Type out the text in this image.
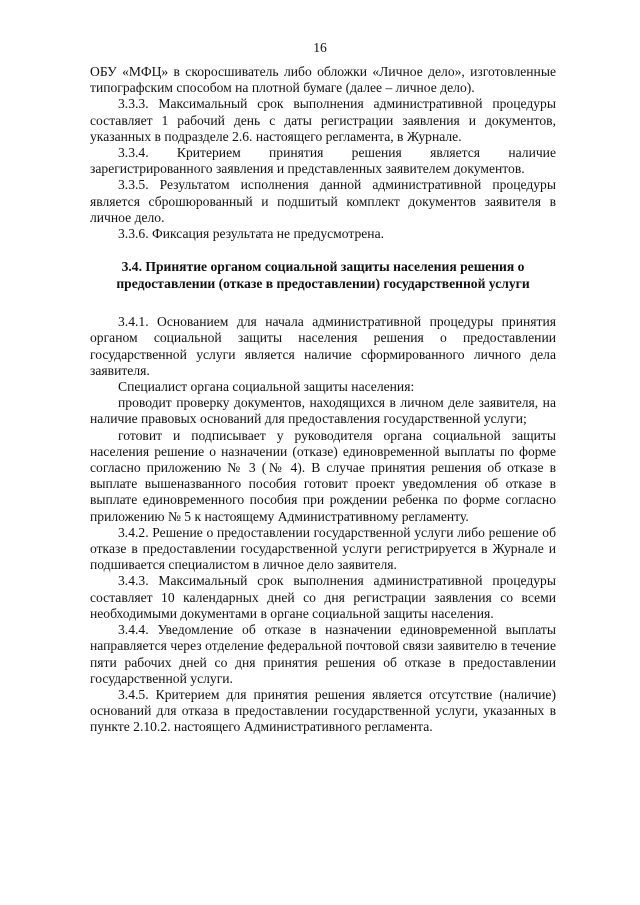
16

ОБУ «МФЦ» в скоросшиватель либо обложки «Личное дело», изготовленные типографским способом на плотной бумаге (далее – личное дело).

3.3.3. Максимальный срок выполнения административной процедуры составляет 1 рабочий день с даты регистрации заявления и документов, указанных в подразделе 2.6. настоящего регламента, в Журнале.

3.3.4. Критерием принятия решения является наличие зарегистрированного заявления и представленных заявителем документов.

3.3.5. Результатом исполнения данной административной процедуры является сброшюрованный и подшитый комплект документов заявителя в личное дело.

3.3.6. Фиксация результата не предусмотрена.

3.4. Принятие органом социальной защиты населения решения о предоставлении (отказе в предоставлении) государственной услуги

3.4.1. Основанием для начала административной процедуры принятия органом социальной защиты населения решения о предоставлении государственной услуги является наличие сформированного личного дела заявителя.

Специалист органа социальной защиты населения:

проводит проверку документов, находящихся в личном деле заявителя, на наличие правовых оснований для предоставления государственной услуги;

готовит и подписывает у руководителя органа социальной защиты населения решение о назначении (отказе) единовременной выплаты по форме согласно приложению № 3 (№ 4). В случае принятия решения об отказе в выплате вышеназванного пособия готовит проект уведомления об отказе в выплате единовременного пособия при рождении ребенка по форме согласно приложению № 5 к настоящему Административному регламенту.

3.4.2. Решение о предоставлении государственной услуги либо решение об отказе в предоставлении государственной услуги регистрируется в Журнале и подшивается специалистом в личное дело заявителя.

3.4.3. Максимальный срок выполнения административной процедуры составляет 10 календарных дней со дня регистрации заявления со всеми необходимыми документами в органе социальной защиты населения.

3.4.4. Уведомление об отказе в назначении единовременной выплаты направляется через отделение федеральной почтовой связи заявителю в течение пяти рабочих дней со дня принятия решения об отказе в предоставлении государственной услуги.

3.4.5. Критерием для принятия решения является отсутствие (наличие) оснований для отказа в предоставлении государственной услуги, указанных в пункте 2.10.2. настоящего Административного регламента.
